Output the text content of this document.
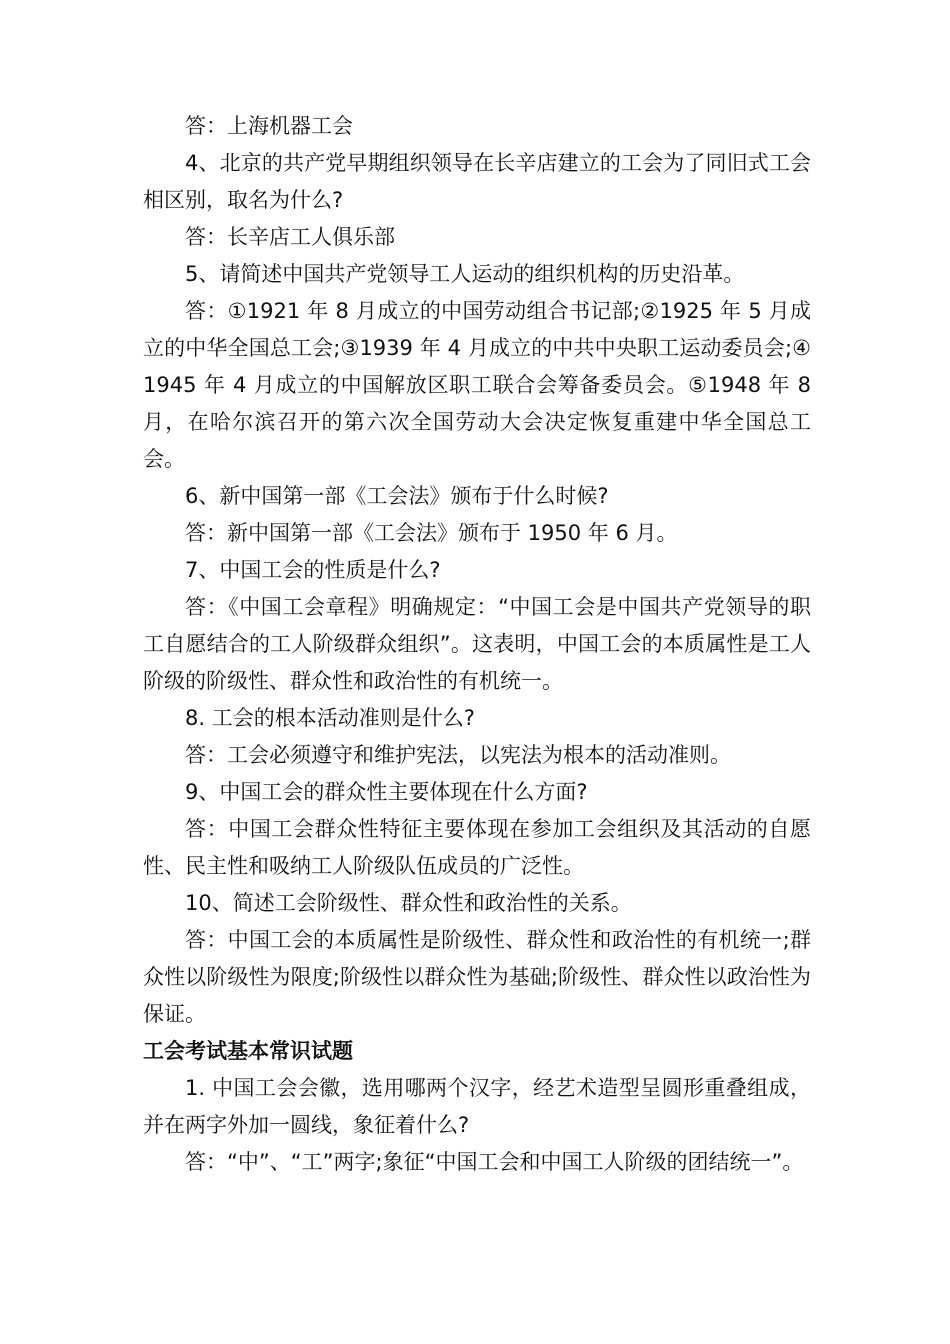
答：上海机器工会

4、北京的共产党早期组织领导在长辛店建立的工会为了同旧式工会相区别，取名为什么?

答：长辛店工人俱乐部

5、请简述中国共产党领导工人运动的组织机构的历史沿革。

答：①1921 年 8 月成立的中国劳动组合书记部;②1925 年 5 月成立的中华全国总工会;③1939 年 4 月成立的中共中央职工运动委员会;④1945 年 4 月成立的中国解放区职工联合会筹备委员会。⑤1948 年 8 月，在哈尔滨召开的第六次全国劳动大会决定恢复重建中华全国总工会。

6、新中国第一部《工会法》颁布于什么时候?

答：新中国第一部《工会法》颁布于 1950 年 6 月。

7、中国工会的性质是什么?

答：《中国工会章程》明确规定：“中国工会是中国共产党领导的职工自愿结合的工人阶级群众组织”。这表明，中国工会的本质属性是工人阶级的阶级性、群众性和政治性的有机统一。

8. 工会的根本活动准则是什么?

答：工会必须遵守和维护宪法，以宪法为根本的活动准则。

9、中国工会的群众性主要体现在什么方面?

答：中国工会群众性特征主要体现在参加工会组织及其活动的自愿性、民主性和吸纳工人阶级队伍成员的广泛性。

10、简述工会阶级性、群众性和政治性的关系。

答：中国工会的本质属性是阶级性、群众性和政治性的有机统一;群众性以阶级性为限度;阶级性以群众性为基础;阶级性、群众性以政治性为保证。

工会考试基本常识试题

1. 中国工会会徽，选用哪两个汉字，经艺术造型呈圆形重叠组成，并在两字外加一圆线，象征着什么?

答：“中”、“工”两字;象征“中国工会和中国工人阶级的团结统一”。
